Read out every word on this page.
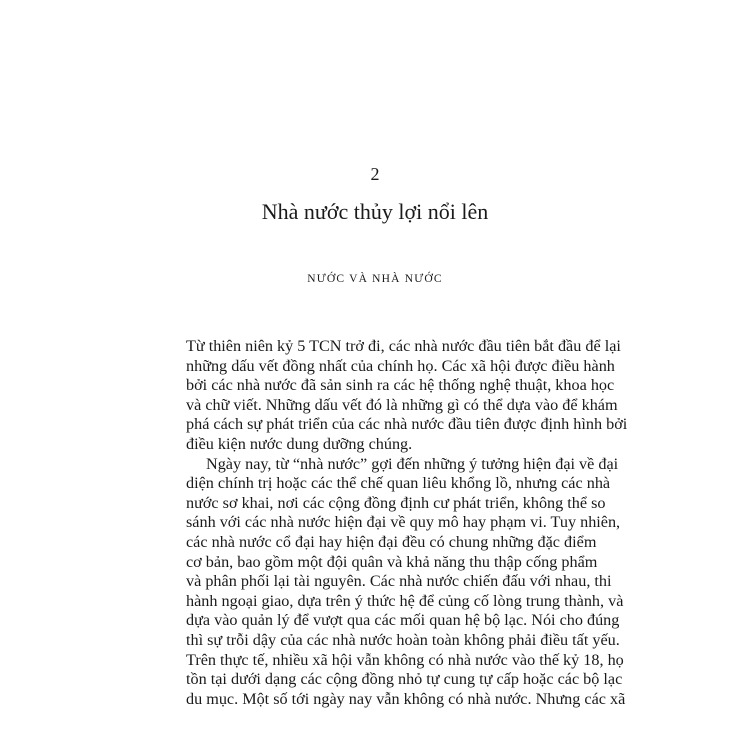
2
Nhà nước thủy lợi nổi lên
NƯỚC VÀ NHÀ NƯỚC
Từ thiên niên kỷ 5 TCN trở đi, các nhà nước đầu tiên bắt đầu để lại
những dấu vết đồng nhất của chính họ. Các xã hội được điều hành
bởi các nhà nước đã sản sinh ra các hệ thống nghệ thuật, khoa học
và chữ viết. Những dấu vết đó là những gì có thể dựa vào để khám
phá cách sự phát triển của các nhà nước đầu tiên được định hình bởi
điều kiện nước dung dưỡng chúng.
Ngày nay, từ “nhà nước” gợi đến những ý tưởng hiện đại về đại
diện chính trị hoặc các thể chế quan liêu khổng lồ, nhưng các nhà
nước sơ khai, nơi các cộng đồng định cư phát triển, không thể so
sánh với các nhà nước hiện đại về quy mô hay phạm vi. Tuy nhiên,
các nhà nước cổ đại hay hiện đại đều có chung những đặc điểm
cơ bản, bao gồm một đội quân và khả năng thu thập cống phẩm
và phân phối lại tài nguyên. Các nhà nước chiến đấu với nhau, thi
hành ngoại giao, dựa trên ý thức hệ để củng cố lòng trung thành, và
dựa vào quản lý để vượt qua các mối quan hệ bộ lạc. Nói cho đúng
thì sự trỗi dậy của các nhà nước hoàn toàn không phải điều tất yếu.
Trên thực tế, nhiều xã hội vẫn không có nhà nước vào thế kỷ 18, họ
tồn tại dưới dạng các cộng đồng nhỏ tự cung tự cấp hoặc các bộ lạc
du mục. Một số tới ngày nay vẫn không có nhà nước. Nhưng các xã
